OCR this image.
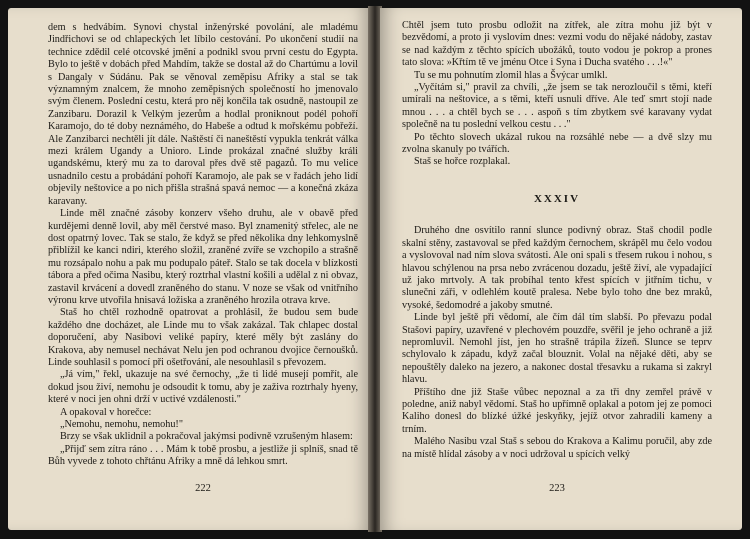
dem s hedvábím. Synovi chystal inženýrské povolání, ale mladému Jindřichovi se od chlapeckých let líbilo cestování. Po ukončení studií na technice zdědil celé otcovské jmění a podnikl svou první cestu do Egypta. Bylo to ještě v dobách před Mahdím, takže se dostal až do Chartúmu a lovil s Dangaly v Súdánu. Pak se věnoval zeměpisu Afriky a stal se tak významným znalcem, že mnoho zeměpisných společností ho jmenovalo svým členem. Poslední cestu, která pro něj končila tak osudně, nastoupil ze Zanzibaru. Dorazil k Velkým jezerům a hodlal proniknout podél pohoří Karamojo, do té doby neznámého, do Habeše a odtud k mořskému pobřeží. Ale Zanzibarci nechtěli jít dále. Naštěstí či naneštěstí vypukla tenkrát válka mezi králem Ugandy a Unioro. Linde prokázal značné služby králi ugandskému, který mu za to daroval přes dvě stě pagazů. To mu velice usnadnilo cestu a probádání pohoří Karamojo, ale pak se v řadách jeho lidí objevily neštovice a po nich přišla strašná spavá nemoc — a konečná zkáza karavany.

Linde měl značné zásoby konzerv všeho druhu, ale v obavě před kurdějemi denně lovil, aby měl čerstvé maso. Byl znamenitý střelec, ale ne dost opatrný lovec. Tak se stalo, že když se před několika dny lehkomyslně přiblížil ke kanci ndiri, kterého složil, zraněné zvíře se vzchopilo a strašně mu rozsápalo nohu a pak mu podupalo páteř. Stalo se tak docela v blízkosti tábora a před očima Nasibu, který roztrhal vlastní košili a udělal z ni obvaz, zastavil krvácení a dovedl zraněného do stanu. V noze se však od vnitřního výronu krve utvořila hnisavá ložiska a zraněného hrozila otrava krve.

Staš ho chtěl rozhodně opatrovat a prohlásil, že budou sem bude každého dne docházet, ale Linde mu to však zakázal. Tak chlapec dostal doporučení, aby Nasibovi veliké papíry, které měly být zaslány do Krakova, aby nemusel nechávat Nelu jen pod ochranou dvojice černoušků. Linde souhlasil s pomocí při ošetřování, ale nesouhlasil s převozem.

„Já vím," řekl, ukazuje na své černochy, „že ti lidé musejí pomřít, ale dokud jsou živí, nemohu je odsoudit k tomu, aby je zaživa roztrhaly hyeny, které v noci jen ohni drží v uctivé vzdálenosti."

A opakoval v horečce:

„Nemohu, nemohu, nemohu!"

Brzy se však uklidnil a pokračoval jakýmsi podivně vzrušeným hlasem:

„Přijď sem zítra ráno . . . Mám k tobě prosbu, a jestliže ji splníš, snad tě Bůh vyvede z tohoto chřtánu Afriky a mně dá lehkou smrt.

222

Chtěl jsem tuto prosbu odložit na zítřek, ale zítra mohu již být v bezvědomí, a proto ji vyslovím dnes: vezmi vodu do nějaké nádoby, zastav se nad každým z těchto spících ubožáků, touto vodou je pokrop a prones tato slova: »Křtím tě ve jménu Otce i Syna i Ducha svatého . . .!«"

Tu se mu pohnutím zlomil hlas a Švýcar umlkl.

„Vyčítám si," pravil za chvíli, „že jsem se tak nerozloučil s těmi, kteří umírali na neštovice, a s těmi, kteří usnuli dříve. Ale teď smrt stojí nade mnou . . . a chtěl bych se . . . aspoň s tím zbytkem své karavany vydat společně na tu poslední velkou cestu . . ."

Po těchto slovech ukázal rukou na rozsáhlé nebe — a dvě slzy mu zvolna skanuly po tvářích.

Staš se hořce rozplakal.

XXXIV

Druhého dne osvítilo ranní slunce podivný obraz. Staš chodil podle skalní stěny, zastavoval se před každým černochem, skrápěl mu čelo vodou a vyslovoval nad ním slova svátosti. Ale oni spali s třesem rukou i nohou, s hlavou schýlenou na prsa nebo zvrácenou dozadu, ještě živí, ale vypadající už jako mrtvoly. A tak probíhal tento křest spících v jitřním tichu, v slunečni záři, v odlehlém koutě pralesa. Nebe bylo toho dne bez mraků, vysoké, šedomodré a jakoby smutné.

Linde byl ještě při vědomí, ale čím dál tím slabší. Po převazu podal Stašovi papíry, uzavřené v plechovém pouzdře, svěřil je jeho ochraně a již nepromluvil. Nemohl jíst, jen ho strašně trápila žízeň. Slunce se teprv schylovalo k západu, když začal blouznit. Volal na nějaké děti, aby se nepouštěly daleko na jezero, a nakonec dostal třesavku a rukama si zakryl hlavu.

Příštího dne již Staše vůbec nepoznal a za tři dny zemřel právě v poledne, aniž nabyl vědomí. Staš ho upřímně oplakal a potom jej ze pomoci Kaliho donesl do blízké úžké jeskyňky, jejíž otvor zahradili kameny a trním.

Malého Nasibu vzal Staš s sebou do Krakova a Kalimu poručil, aby zde na místě hlídal zásoby a v noci udržoval u spících velký

223
